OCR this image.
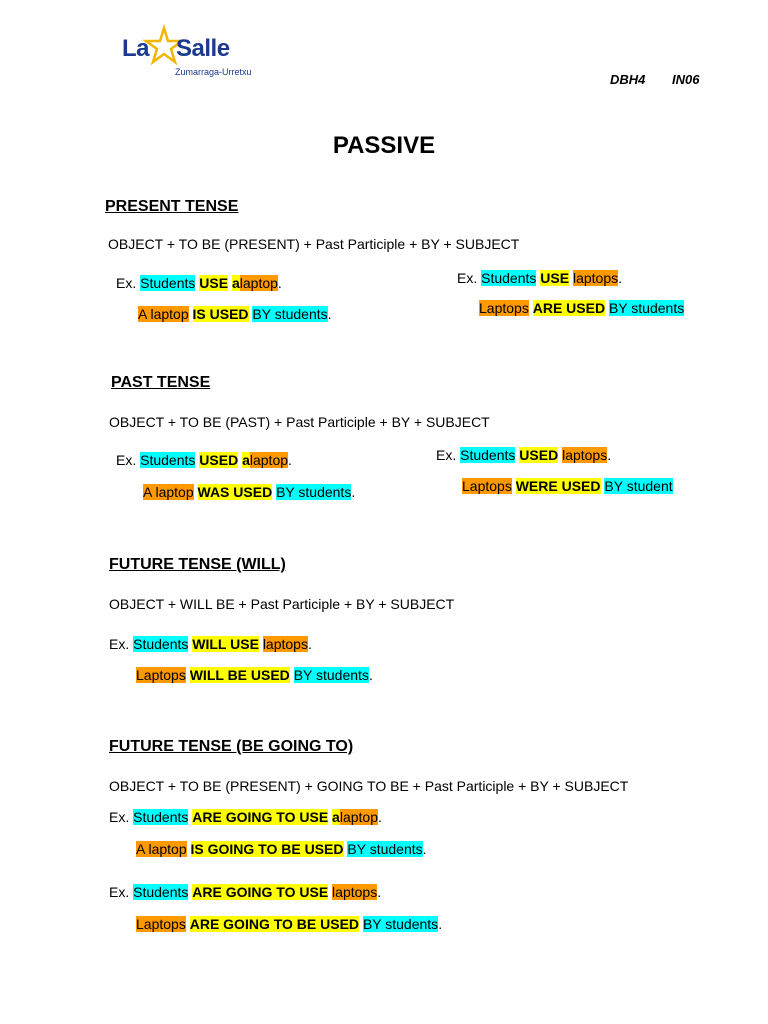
La Salle
Zumarraga-Urretxu	DBH4 IN06
PASSIVE
PRESENT TENSE
OBJECT + TO BE (PRESENT) + Past Participle + BY + SUBJECT
Ex. Students USE alaptop.
A laptop IS USED BY students.
Ex. Students USE laptops.
Laptops ARE USED BY students
PAST TENSE
OBJECT + TO BE (PAST) + Past Participle + BY + SUBJECT
Ex. Students USED alaptop.
A laptop WAS USED BY students.
Ex. Students USED laptops.
Laptops WERE USED BY student
FUTURE TENSE (WILL)
OBJECT + WILL BE + Past Participle + BY + SUBJECT
Ex. Students WILL USE laptops.
Laptops WILL BE USED BY students.
FUTURE TENSE (BE GOING TO)
OBJECT + TO BE (PRESENT) + GOING TO BE + Past Participle + BY + SUBJECT
Ex. Students ARE GOING TO USE alaptop.
A laptop IS GOING TO BE USED BY students.
Ex. Students ARE GOING TO USE laptops.
Laptops ARE GOING TO BE USED BY students.
